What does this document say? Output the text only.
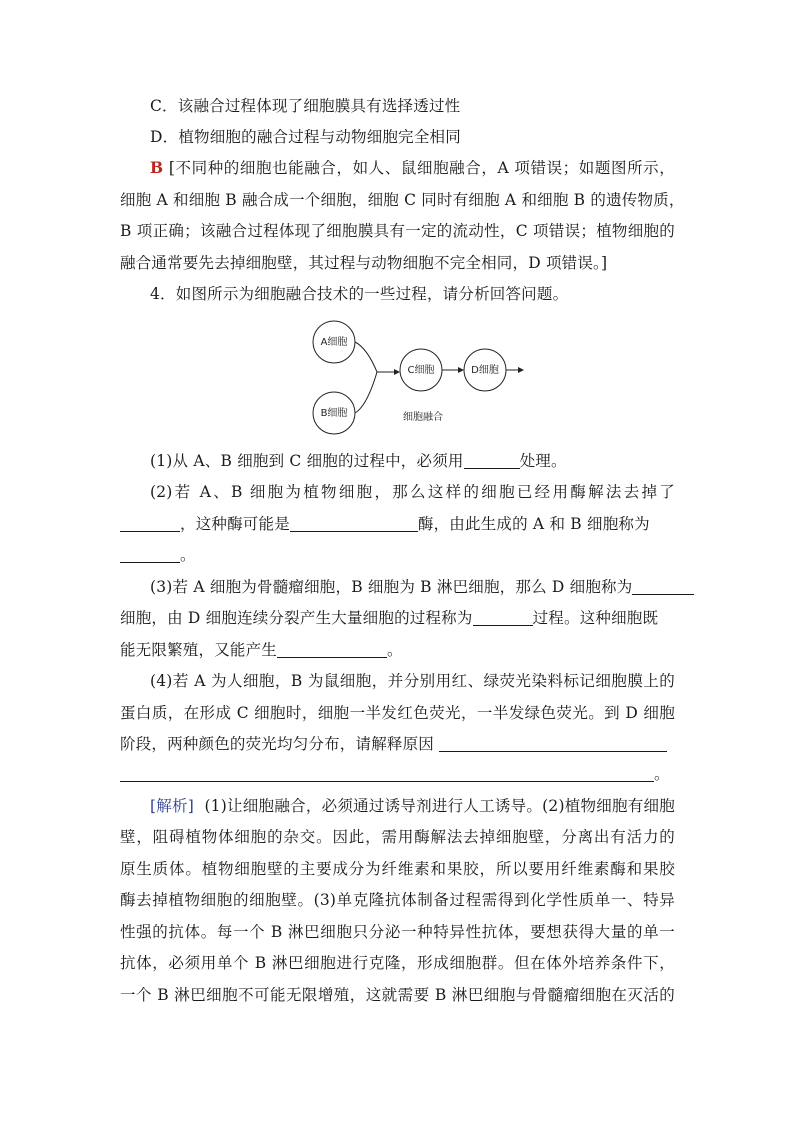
C．该融合过程体现了细胞膜具有选择透过性
D．植物细胞的融合过程与动物细胞完全相同
B [不同种的细胞也能融合，如人、鼠细胞融合，A 项错误；如题图所示，
细胞 A 和细胞 B 融合成一个细胞，细胞 C 同时有细胞 A 和细胞 B 的遗传物质，
B 项正确；该融合过程体现了细胞膜具有一定的流动性，C 项错误；植物细胞的
融合通常要先去掉细胞壁，其过程与动物细胞不完全相同，D 项错误。]
4．如图所示为细胞融合技术的一些过程，请分析回答问题。
A细胞
B细胞
C细胞	D细胞
细胞融合
(1)从 A、B 细胞到 C 细胞的过程中，必须用	处理。
(2)若 A、B 细胞为植物细胞，那么这样的细胞已经用酶解法去掉了
，这种酶可能是	酶，由此生成的 A 和 B 细胞称为
。
(3)若 A 细胞为骨髓瘤细胞，B 细胞为 B 淋巴细胞，那么 D 细胞称为
细胞，由 D 细胞连续分裂产生大量细胞的过程称为	过程。这种细胞既
能无限繁殖，又能产生	。
(4)若 A 为人细胞，B 为鼠细胞，并分别用红、绿荧光染料标记细胞膜上的
蛋白质，在形成 C 细胞时，细胞一半发红色荧光，一半发绿色荧光。到 D 细胞
阶段，两种颜色的荧光均匀分布，请解释原因
。
[解析] (1)让细胞融合，必须通过诱导剂进行人工诱导。(2)植物细胞有细胞
壁，阻碍植物体细胞的杂交。因此，需用酶解法去掉细胞壁，分离出有活力的
原生质体。植物细胞壁的主要成分为纤维素和果胶，所以要用纤维素酶和果胶
酶去掉植物细胞的细胞壁。(3)单克隆抗体制备过程需得到化学性质单一、特异
性强的抗体。每一个 B 淋巴细胞只分泌一种特异性抗体，要想获得大量的单一
抗体，必须用单个 B 淋巴细胞进行克隆，形成细胞群。但在体外培养条件下，
一个 B 淋巴细胞不可能无限增殖，这就需要 B 淋巴细胞与骨髓瘤细胞在灭活的
